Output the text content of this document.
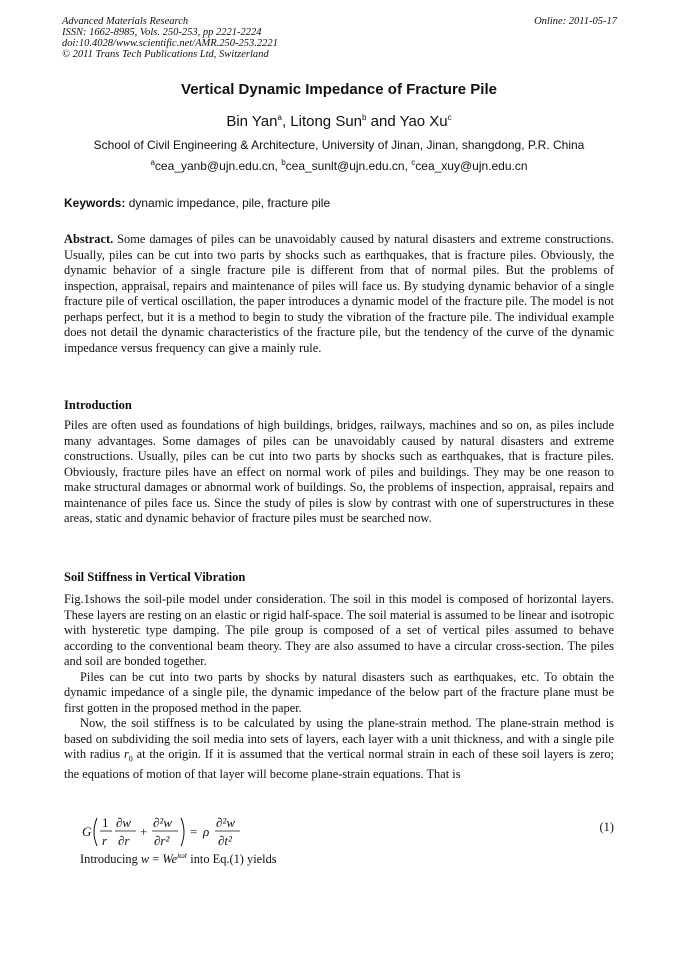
Advanced Materials Research
ISSN: 1662-8985, Vols. 250-253, pp 2221-2224
doi:10.4028/www.scientific.net/AMR.250-253.2221
© 2011 Trans Tech Publications Ltd, Switzerland
Online: 2011-05-17
Vertical Dynamic Impedance of Fracture Pile
Bin Yan$^a$, Litong Sun$^b$ and Yao Xu$^c$
School of Civil Engineering & Architecture, University of Jinan, Jinan, shangdong, P.R. China
$^a$cea_yanb@ujn.edu.cn, $^b$cea_sunlt@ujn.edu.cn, $^c$cea_xuy@ujn.edu.cn
Keywords: dynamic impedance, pile, fracture pile
Abstract. Some damages of piles can be unavoidably caused by natural disasters and extreme constructions. Usually, piles can be cut into two parts by shocks such as earthquakes, that is fracture piles. Obviously, the dynamic behavior of a single fracture pile is different from that of normal piles. But the problems of inspection, appraisal, repairs and maintenance of piles will face us. By studying dynamic behavior of a single fracture pile of vertical oscillation, the paper introduces a dynamic model of the fracture pile. The model is not perhaps perfect, but it is a method to begin to study the vibration of the fracture pile. The individual example does not detail the dynamic characteristics of the fracture pile, but the tendency of the curve of the dynamic impedance versus frequency can give a mainly rule.
Introduction
Piles are often used as foundations of high buildings, bridges, railways, machines and so on, as piles include many advantages. Some damages of piles can be unavoidably caused by natural disasters and extreme constructions. Usually, piles can be cut into two parts by shocks such as earthquakes, that is fracture piles. Obviously, fracture piles have an effect on normal work of piles and buildings. They may be one reason to make structural damages or abnormal work of buildings. So, the problems of inspection, appraisal, repairs and maintenance of piles face us. Since the study of piles is slow by contrast with one of superstructures in these areas, static and dynamic behavior of fracture piles must be searched now.
Soil Stiffness in Vertical Vibration

Fig.1shows the soil-pile model under consideration. The soil in this model is composed of horizontal layers. These layers are resting on an elastic or rigid half-space. The soil material is assumed to be linear and isotropic with hysteretic type damping. The pile group is composed of a set of vertical piles assumed to behave according to the conventional beam theory. They are also assumed to have a circular cross-section. The piles and soil are bonded together.

Piles can be cut into two parts by shocks by natural disasters such as earthquakes, etc. To obtain the dynamic impedance of a single pile, the dynamic impedance of the below part of the fracture plane must be first gotten in the proposed method in the paper.

Now, the soil stiffness is to be calculated by using the plane-strain method. The plane-strain method is based on subdividing the soil media into sets of layers, each layer with a unit thickness, and with a single pile with radius $r_0$ at the origin. If it is assumed that the vertical normal strain in each of these soil layers is zero; the equations of motion of that layer will become plane-strain equations. That is

G
1
r
∂w
∂r
+
∂²w
∂r²
= ρ
∂²w
∂t²
(1)
Introducing $w = We^{i\omega t}$ into Eq.(1) yields
